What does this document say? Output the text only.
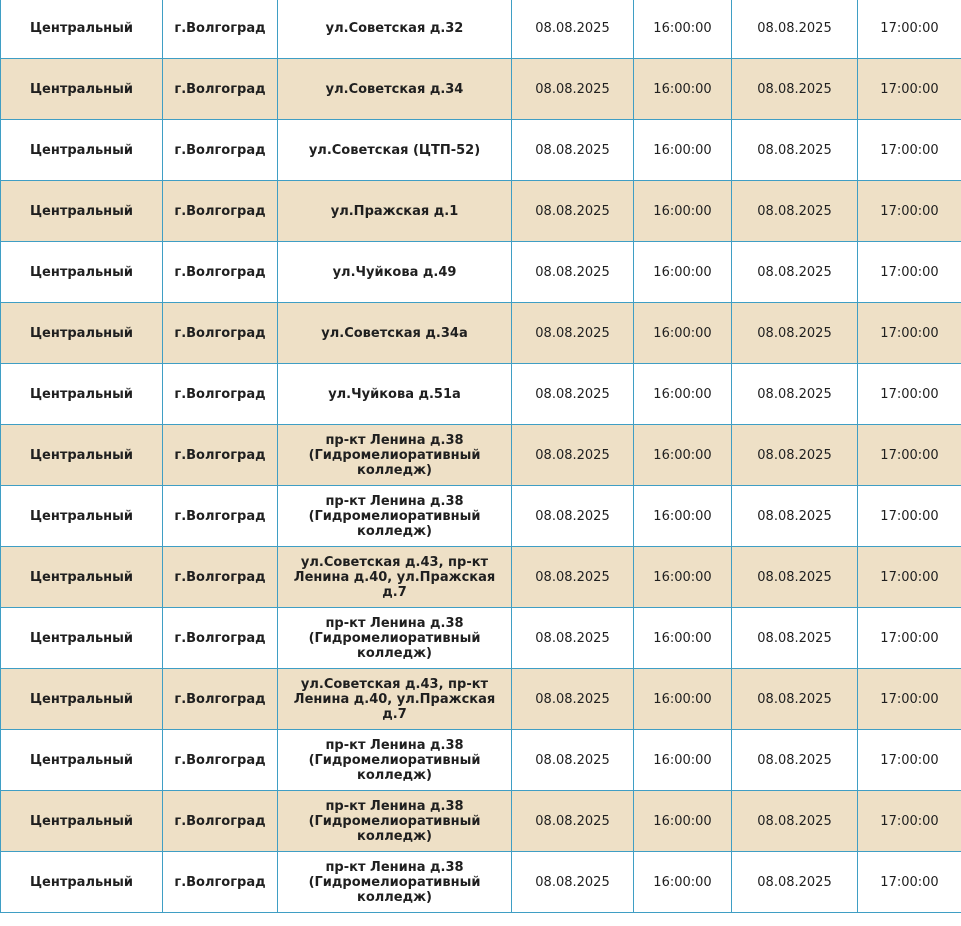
Центральный	г.Волгоград	ул.Советская д.32	08.08.2025	16:00:00	08.08.2025	17:00:00
Центральный	г.Волгоград	ул.Советская д.34	08.08.2025	16:00:00	08.08.2025	17:00:00
Центральный	г.Волгоград	ул.Советская (ЦТП-52)	08.08.2025	16:00:00	08.08.2025	17:00:00
Центральный	г.Волгоград	ул.Пражская д.1	08.08.2025	16:00:00	08.08.2025	17:00:00
Центральный	г.Волгоград	ул.Чуйкова д.49	08.08.2025	16:00:00	08.08.2025	17:00:00
Центральный	г.Волгоград	ул.Советская д.34а	08.08.2025	16:00:00	08.08.2025	17:00:00
Центральный	г.Волгоград	ул.Чуйкова д.51а	08.08.2025	16:00:00	08.08.2025	17:00:00
Центральный	г.Волгоград	пр-кт Ленина д.38 (Гидромелиоративный колледж)	08.08.2025	16:00:00	08.08.2025	17:00:00
Центральный	г.Волгоград	пр-кт Ленина д.38 (Гидромелиоративный колледж)	08.08.2025	16:00:00	08.08.2025	17:00:00
Центральный	г.Волгоград	ул.Советская д.43, пр-кт Ленина д.40, ул.Пражская д.7	08.08.2025	16:00:00	08.08.2025	17:00:00
Центральный	г.Волгоград	пр-кт Ленина д.38 (Гидромелиоративный колледж)	08.08.2025	16:00:00	08.08.2025	17:00:00
Центральный	г.Волгоград	ул.Советская д.43, пр-кт Ленина д.40, ул.Пражская д.7	08.08.2025	16:00:00	08.08.2025	17:00:00
Центральный	г.Волгоград	пр-кт Ленина д.38 (Гидромелиоративный колледж)	08.08.2025	16:00:00	08.08.2025	17:00:00
Центральный	г.Волгоград	пр-кт Ленина д.38 (Гидромелиоративный колледж)	08.08.2025	16:00:00	08.08.2025	17:00:00
Центральный	г.Волгоград	пр-кт Ленина д.38 (Гидромелиоративный колледж)	08.08.2025	16:00:00	08.08.2025	17:00:00
